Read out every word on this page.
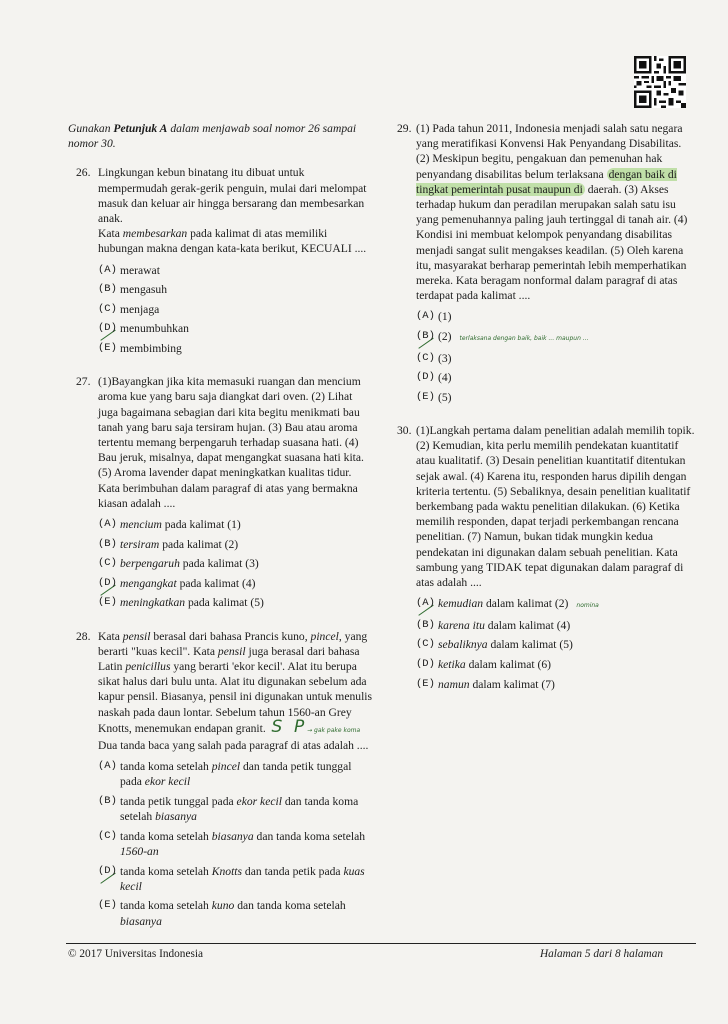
Gunakan Petunjuk A dalam menjawab soal nomor 26 sampai nomor 30.

26. Lingkungan kebun binatang itu dibuat untuk mempermudah gerak-gerik penguin, mulai dari melompat masuk dan keluar air hingga bersarang dan membesarkan anak.

Kata membesarkan pada kalimat di atas memiliki hubungan makna dengan kata-kata berikut, KECUALI ....

(A) merawat
(B) mengasuh
(C) menjaga
(D) menumbuhkan
(E) membimbing
27. (1)Bayangkan jika kita memasuki ruangan dan mencium aroma kue yang baru saja diangkat dari oven. (2) Lihat juga bagaimana sebagian dari kita begitu menikmati bau tanah yang baru saja tersiram hujan. (3) Bau atau aroma tertentu memang berpengaruh terhadap suasana hati. (4) Bau jeruk, misalnya, dapat mengangkat suasana hati kita. (5) Aroma lavender dapat meningkatkan kualitas tidur. Kata berimbuhan dalam paragraf di atas yang bermakna kiasan adalah ....

(A) mencium pada kalimat (1)
(B) tersiram pada kalimat (2)
(C) berpengaruh pada kalimat (3)
(D) mengangkat pada kalimat (4)
(E) meningkatkan pada kalimat (5)
28. Kata pensil berasal dari bahasa Prancis kuno, pincel, yang berarti "kuas kecil". Kata pensil juga berasal dari bahasa Latin penicillus yang berarti 'ekor kecil'. Alat itu berupa sikat halus dari bulu unta. Alat itu digunakan sebelum ada kapur pensil. Biasanya, pensil ini digunakan untuk menulis naskah pada daun lontar. Sebelum tahun 1560-an Grey Knotts, menemukan endapan granit. S P → gak pake koma
Dua tanda baca yang salah pada paragraf di atas adalah ....

(A) tanda koma setelah pincel dan tanda petik tunggal pada ekor kecil
(B) tanda petik tunggal pada ekor kecil dan tanda koma setelah biasanya
(C) tanda koma setelah biasanya dan tanda koma setelah 1560-an
(D) tanda koma setelah Knotts dan tanda petik pada kuas kecil
(E) tanda koma setelah kuno dan tanda koma setelah biasanya
29. (1) Pada tahun 2011, Indonesia menjadi salah satu negara yang meratifikasi Konvensi Hak Penyandang Disabilitas. (2) Meskipun begitu, pengakuan dan pemenuhan hak penyandang disabilitas belum terlaksana dengan baik di tingkat pemerintah pusat maupun di daerah. (3) Akses terhadap hukum dan peradilan merupakan salah satu isu yang pemenuhannya paling jauh tertinggal di tanah air. (4) Kondisi ini membuat kelompok penyandang disabilitas menjadi sangat sulit mengakses keadilan. (5) Oleh karena itu, masyarakat berharap pemerintah lebih memperhatikan mereka. Kata beragam nonformal dalam paragraf di atas terdapat pada kalimat ....

(A) (1)
(B) (2) terlaksana dengan baik, baik ... maupun ...
(C) (3)
(D) (4)
(E) (5)
30. (1)Langkah pertama dalam penelitian adalah memilih topik. (2) Kemudian, kita perlu memilih pendekatan kuantitatif atau kualitatif. (3) Desain penelitian kuantitatif ditentukan sejak awal. (4) Karena itu, responden harus dipilih dengan kriteria tertentu. (5) Sebaliknya, desain penelitian kualitatif berkembang pada waktu penelitian dilakukan. (6) Ketika memilih responden, dapat terjadi perkembangan rencana penelitian. (7) Namun, bukan tidak mungkin kedua pendekatan ini digunakan dalam sebuah penelitian. Kata sambung yang TIDAK tepat digunakan dalam paragraf di atas adalah ....

(A) kemudian dalam kalimat (2) nomina
(B) karena itu dalam kalimat (4)
(C) sebaliknya dalam kalimat (5)
(D) ketika dalam kalimat (6)
(E) namun dalam kalimat (7)
© 2017 Universitas Indonesia	Halaman 5 dari 8 halaman
